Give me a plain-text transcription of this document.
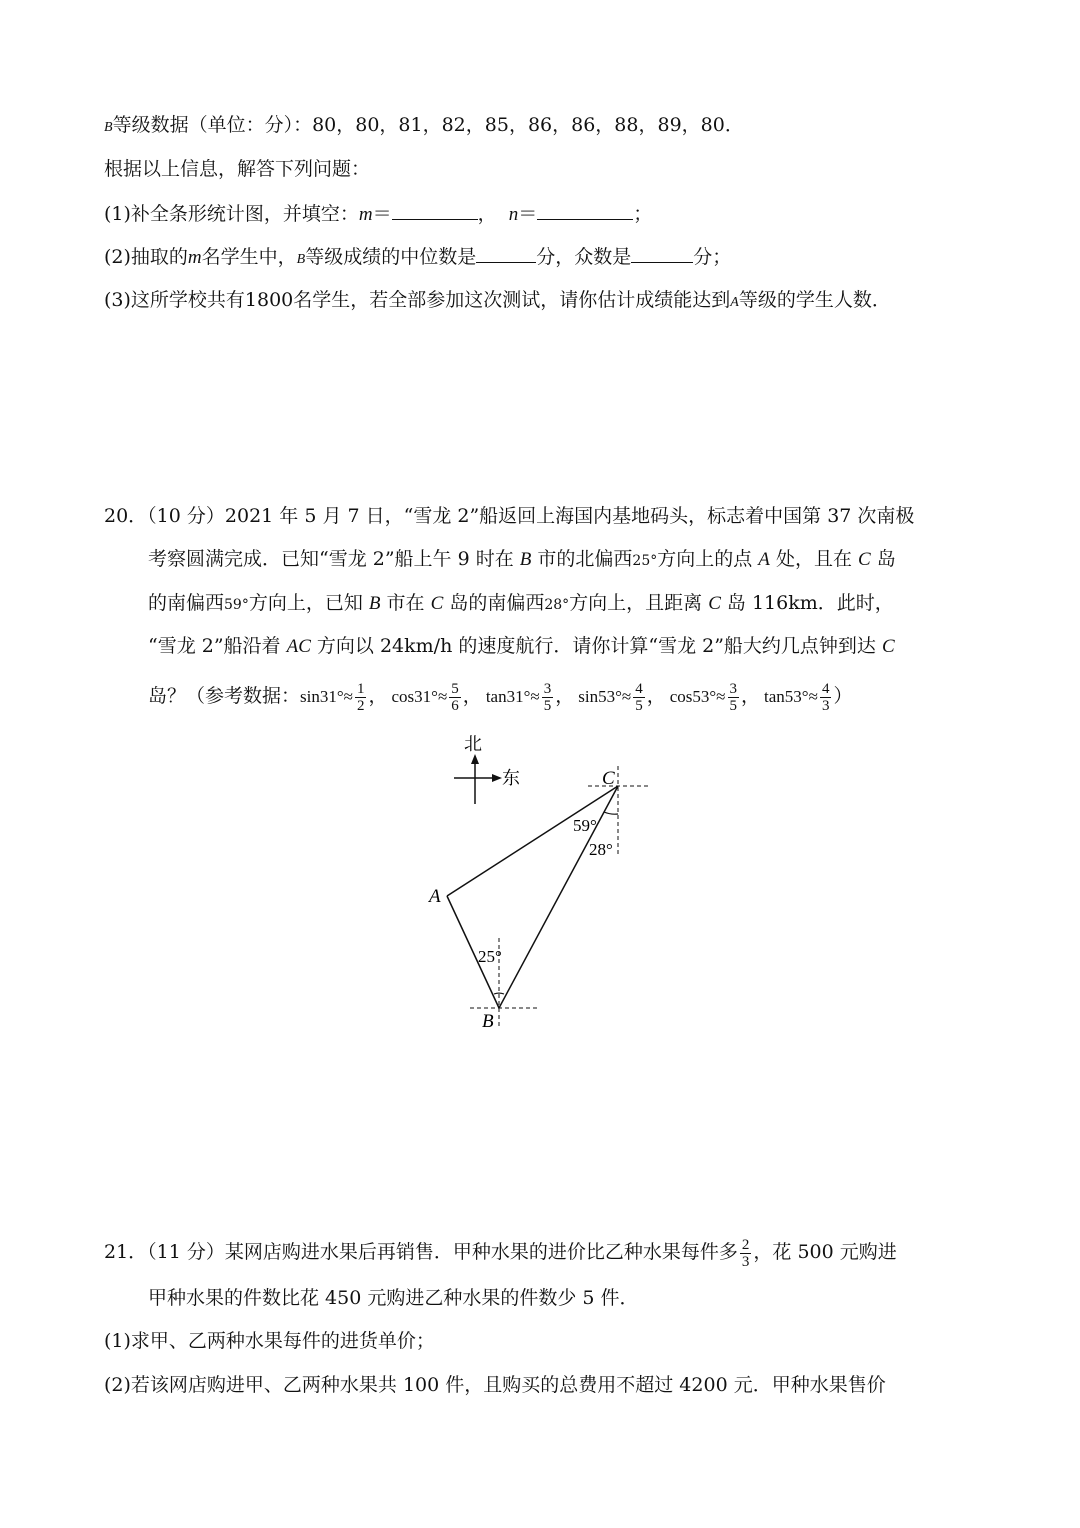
B等级数据（单位：分）：80，80，81，82，85，86，86，88，89，80．
根据以上信息，解答下列问题：
(1)补全条形统计图，并填空：m＝	， n＝	；
(2)抽取的m名学生中，B等级成绩的中位数是	分，众数是	分；
(3)这所学校共有1800名学生，若全部参加这次测试，请你估计成绩能达到A等级的学生人数．
20．（10 分）2021 年 5 月 7 日，“雪龙 2”船返回上海国内基地码头，标志着中国第 37 次南极
考察圆满完成．已知“雪龙 2”船上午 9 时在 B 市的北偏西25°方向上的点 A 处，且在 C 岛
的南偏西59°方向上，已知 B 市在 C 岛的南偏西28°方向上，且距离 C 岛 116km．此时，
“雪龙 2”船沿着 AC 方向以 24km/h 的速度航行．请你计算“雪龙 2”船大约几点钟到达 C
岛？（参考数据：$\sin 31^\circ\approx \frac{1}{2}$ ， $\cos 31^\circ\approx \frac{5}{6}$ ， $\tan 31^\circ\approx \frac{3}{5}$ ， $\sin 53^\circ\approx \frac{4}{5}$ ， $\cos 53^\circ\approx \frac{3}{5}$ ， $\tan 53^\circ\approx \frac{4}{3}$ ）
北
东	C
A
B
59°
28°
25°
21．（11 分）某网店购进水果后再销售．甲种水果的进价比乙种水果每件多 $\frac{2}{3}$ ，花 500 元购进
甲种水果的件数比花 450 元购进乙种水果的件数少 5 件．
(1)求甲、乙两种水果每件的进货单价；
(2)若该网店购进甲、乙两种水果共 100 件，且购买的总费用不超过 4200 元．甲种水果售价
